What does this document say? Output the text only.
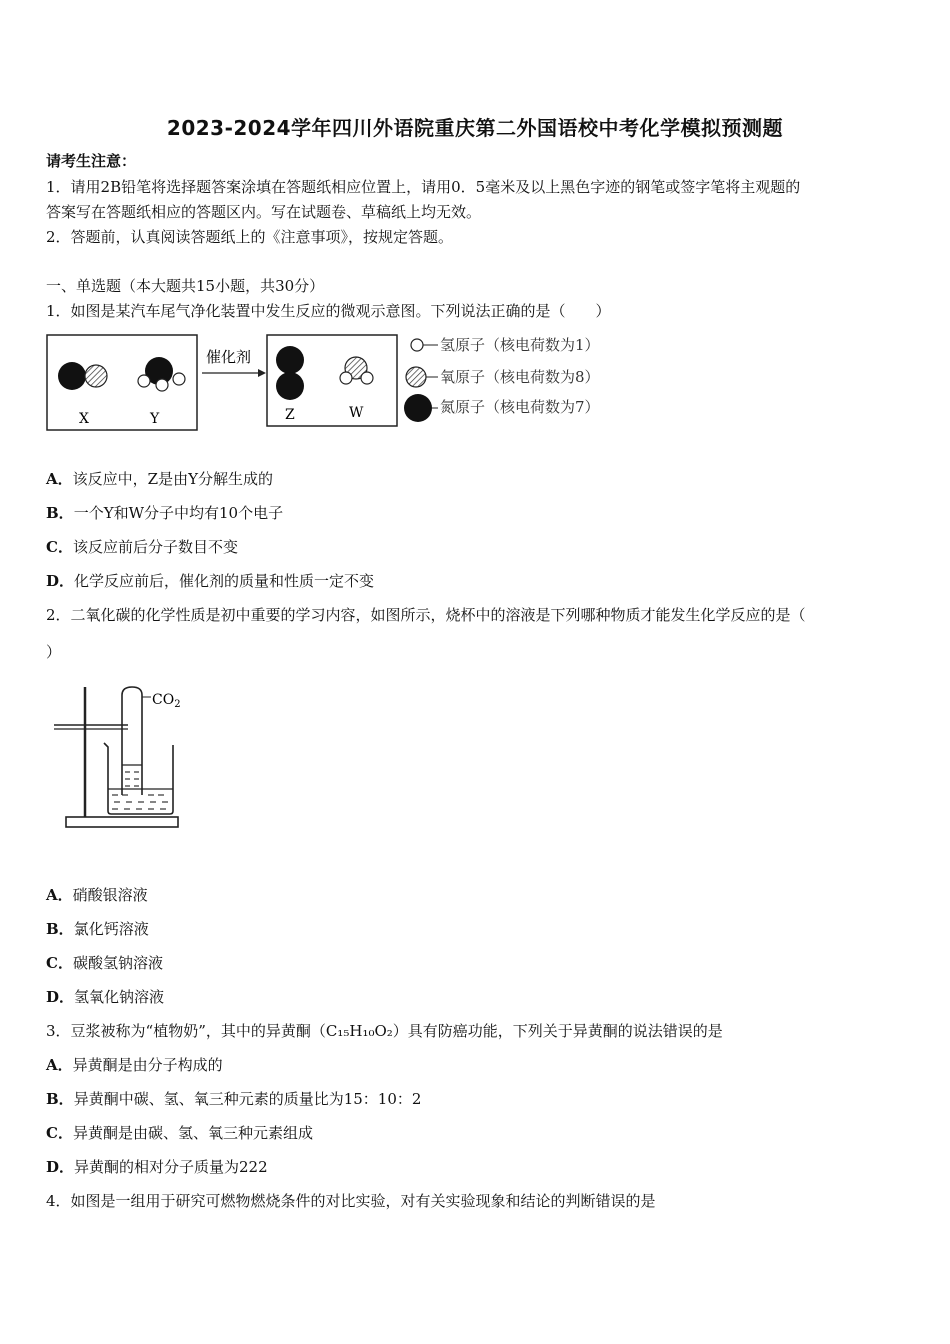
2023-2024学年四川外语院重庆第二外国语校中考化学模拟预测题
请考生注意：
1．请用2B铅笔将选择题答案涂填在答题纸相应位置上，请用0．5毫米及以上黑色字迹的钢笔或签字笔将主观题的
答案写在答题纸相应的答题区内。写在试题卷、草稿纸上均无效。
2．答题前，认真阅读答题纸上的《注意事项》，按规定答题。
一、单选题（本大题共15小题，共30分）
1．如图是某汽车尾气净化装置中发生反应的微观示意图。下列说法正确的是（　　）
X	Y
催化剂
Z	W
氢原子（核电荷数为1）
氧原子（核电荷数为8）
氮原子（核电荷数为7）
A．该反应中，Z是由Y分解生成的
B．一个Y和W分子中均有10个电子
C．该反应前后分子数目不变
D．化学反应前后，催化剂的质量和性质一定不变
2．二氧化碳的化学性质是初中重要的学习内容，如图所示，烧杯中的溶液是下列哪种物质才能发生化学反应的是（
）
$CO_2$
A．硝酸银溶液
B．氯化钙溶液
C．碳酸氢钠溶液
D．氢氧化钠溶液
3．豆浆被称为“植物奶”，其中的异黄酮（C₁₅H₁₀O₂）具有防癌功能，下列关于异黄酮的说法错误的是
A．异黄酮是由分子构成的
B．异黄酮中碳、氢、氧三种元素的质量比为15：10：2
C．异黄酮是由碳、氢、氧三种元素组成
D．异黄酮的相对分子质量为222
4．如图是一组用于研究可燃物燃烧条件的对比实验，对有关实验现象和结论的判断错误的是
